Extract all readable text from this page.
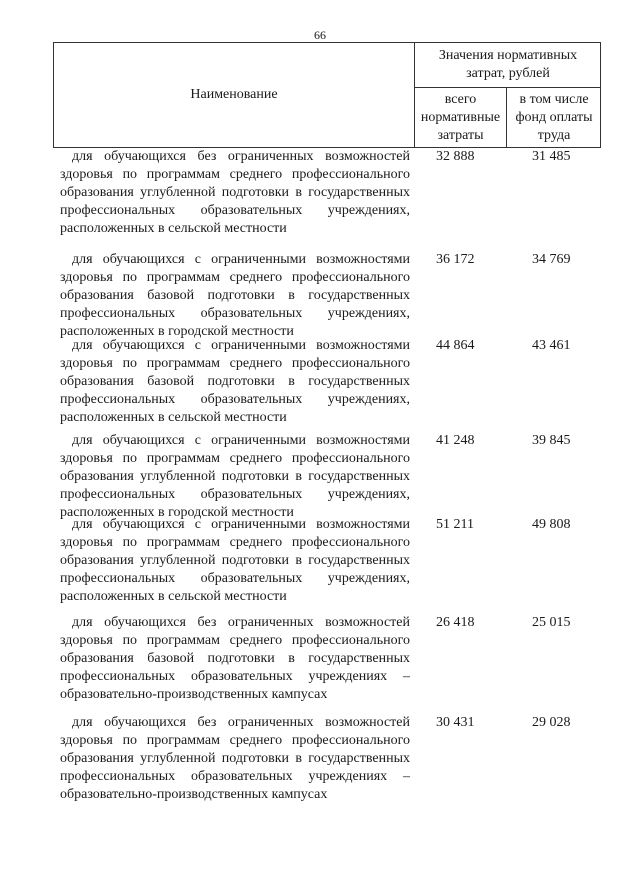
66
Наименование
Значения нормативных
затрат, рублей
всего
нормативные
затраты
в том числе
фонд оплаты
труда
для обучающихся без ограниченных возможностей здоровья по программам среднего профессионального образования углубленной подготовки в государственных профессиональных образовательных учреждениях, расположенных в сельской местности
32 888	31 485
для обучающихся с ограниченными возможностями здоровья по программам среднего профессионального образования базовой подготовки в государственных профессиональных образовательных учреждениях, расположенных в городской местности
36 172	34 769
для обучающихся с ограниченными возможностями здоровья по программам среднего профессионального образования базовой подготовки в государственных профессиональных образовательных учреждениях, расположенных в сельской местности
44 864	43 461
для обучающихся с ограниченными возможностями здоровья по программам среднего профессионального образования углубленной подготовки в государственных профессиональных образовательных учреждениях, расположенных в городской местности
41 248	39 845
для обучающихся с ограниченными возможностями здоровья по программам среднего профессионального образования углубленной подготовки в государственных профессиональных образовательных учреждениях, расположенных в сельской местности
51 211	49 808
для обучающихся без ограниченных возможностей здоровья по программам среднего профессионального образования базовой подготовки в государственных профессиональных образовательных учреждениях – образовательно-производственных кампусах
26 418	25 015
для обучающихся без ограниченных возможностей здоровья по программам среднего профессионального образования углубленной подготовки в государственных профессиональных образовательных учреждениях – образовательно-производственных кампусах
30 431	29 028
